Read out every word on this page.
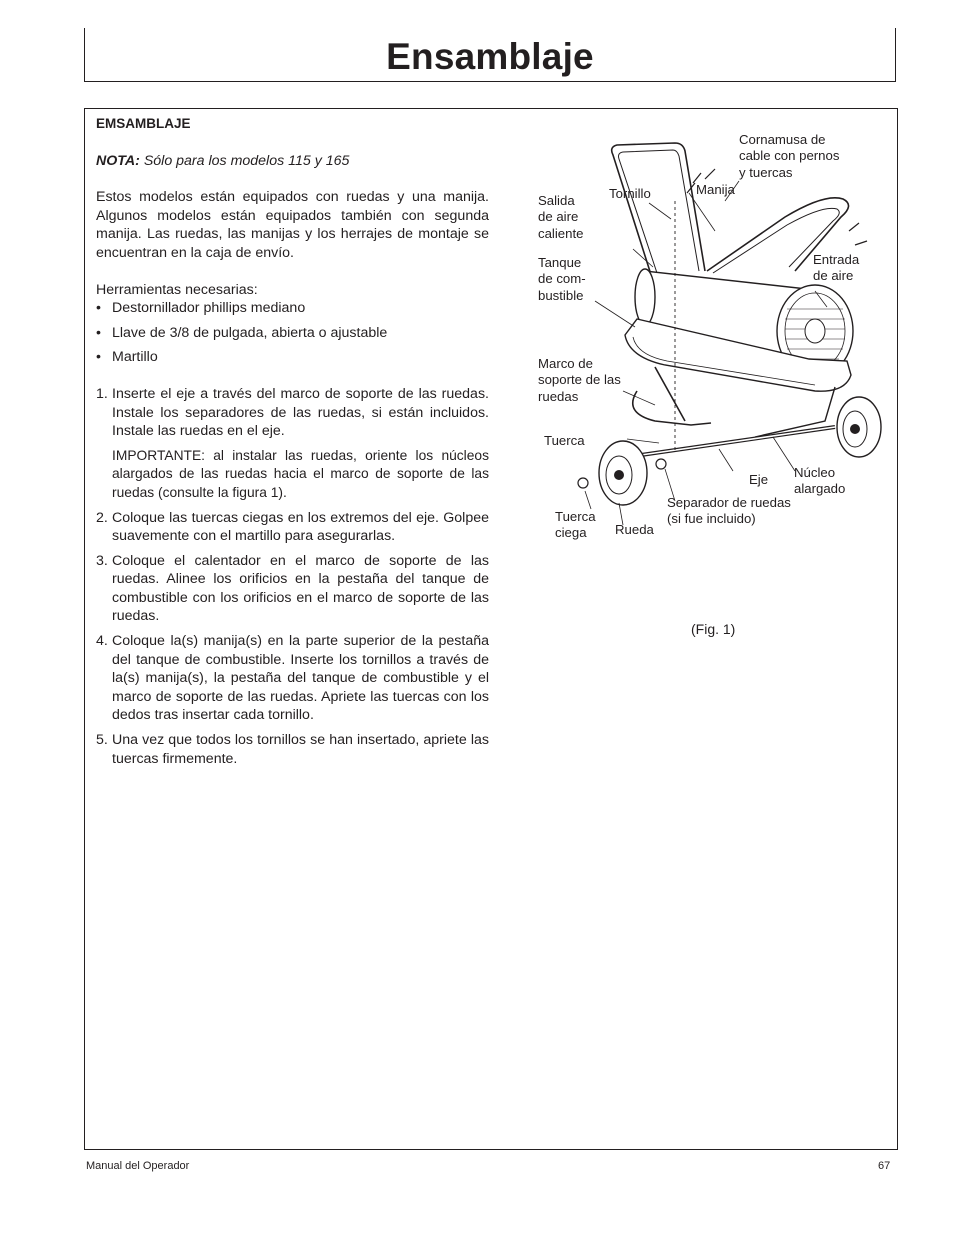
Ensamblaje

EMSAMBLAJE

NOTA: Sólo para los modelos 115 y 165

Estos modelos están equipados con ruedas y una manija. Algunos modelos están equipados también con segunda manija. Las ruedas, las manijas y los herrajes de montaje se encuentran en la caja de envío.

Herramientas necesarias:

• Destornillador phillips mediano
• Llave de 3/8 de pulgada, abierta o ajustable
• Martillo
1. Inserte el eje a través del marco de soporte de las ruedas. Instale los separadores de las ruedas, si están incluidos. Instale las ruedas en el eje.
IMPORTANTE: al instalar las ruedas, oriente los núcleos alargados de las ruedas hacia el marco de soporte de las ruedas (consulte la figura 1).
2. Coloque las tuercas ciegas en los extremos del eje. Golpee suavemente con el martillo para asegurarlas.
3. Coloque el calentador en el marco de soporte de las ruedas. Alinee los orificios en la pestaña del tanque de combustible con los orificios en el marco de soporte de las ruedas.
4. Coloque la(s) manija(s) en la parte superior de la pestaña del tanque de combustible. Inserte los tornillos a través de la(s) manija(s), la pestaña del tanque de combustible y el marco de soporte de las ruedas. Apriete las tuercas con los dedos tras insertar cada tornillo.
5. Una vez que todos los tornillos se han insertado, apriete las tuercas firmemente.
Cornamusa de
cable con pernos
y tuercas
Tornillo	Manija
Salida
de aire
caliente
Tanque
de com-
bustible
Entrada
de aire
Marco de
soporte de las
ruedas
Tuerca
Eje Núcleo
alargado
Separador de ruedas
(si fue incluido)
Tuerca
ciega	Rueda
(Fig. 1)
Manual del Operador	67
